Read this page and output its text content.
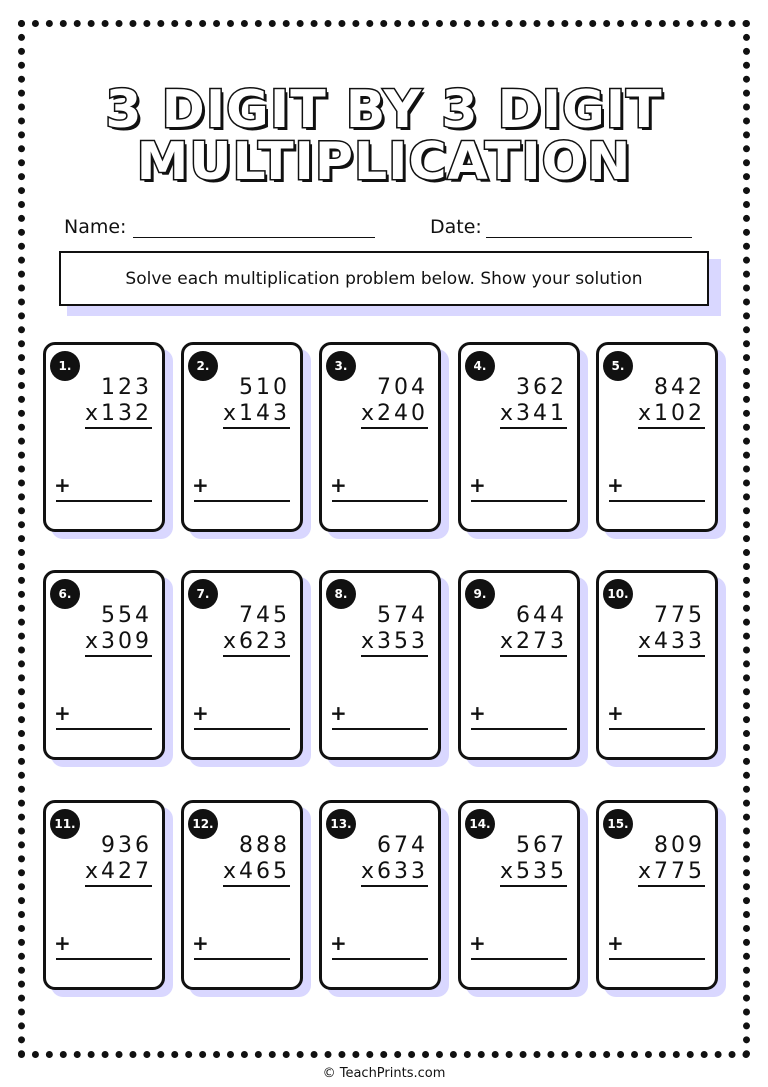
3 DIGIT BY 3 DIGIT
MULTIPLICATION
Name:	Date:
Solve each multiplication problem below. Show your solution
1.
123
x132
+
2.
510
x143
+
3.
704
x240
+
4.
362
x341
+
5.
842
x102
+
6.
554
x309
+
7.
745
x623
+
8.
574
x353
+
9.
644
x273
+
10.
775
x433
+
11.
936
x427
+
12.
888
x465
+
13.
674
x633
+
14.
567
x535
+
15.
809
x775
+
© TeachPrints.com
